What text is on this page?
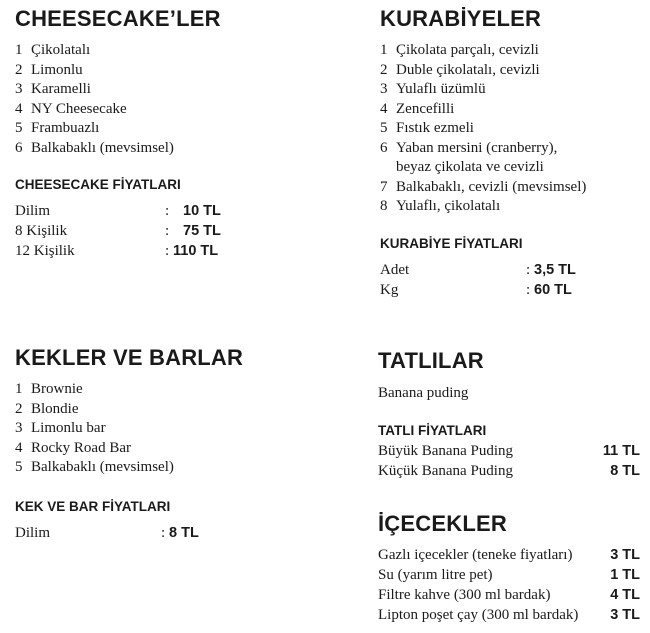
CHEESECAKE’LER
1 Çikolatalı
2 Limonlu
3 Karamelli
4 NY Cheesecake
5 Frambuazlı
6 Balkabaklı (mevsimsel)
CHEESECAKE FİYATLARI
Dilim	: 10 TL
8 Kişilik	: 75 TL
12 Kişilik	: 110 TL
KURABİYELER
1 Çikolata parçalı, cevizli
2 Duble çikolatalı, cevizli
3 Yulaflı üzümlü
4 Zencefilli
5 Fıstık ezmeli
6 Yaban mersini (cranberry),
beyaz çikolata ve cevizli
7 Balkabaklı, cevizli (mevsimsel)
8 Yulaflı, çikolatalı
KURABİYE FİYATLARI
Adet	: 3,5 TL
Kg	: 60 TL
KEKLER VE BARLAR
1 Brownie
2 Blondie
3 Limonlu bar
4 Rocky Road Bar
5 Balkabaklı (mevsimsel)
KEK VE BAR FİYATLARI
Dilim	: 8 TL
TATLILAR
Banana puding
TATLI FİYATLARI
Büyük Banana Puding	11 TL
Küçük Banana Puding	8 TL
İÇECEKLER
Gazlı içecekler (teneke fiyatları)	3 TL
Su (yarım litre pet)	1 TL
Filtre kahve (300 ml bardak)	4 TL
Lipton poşet çay (300 ml bardak) 3 TL
